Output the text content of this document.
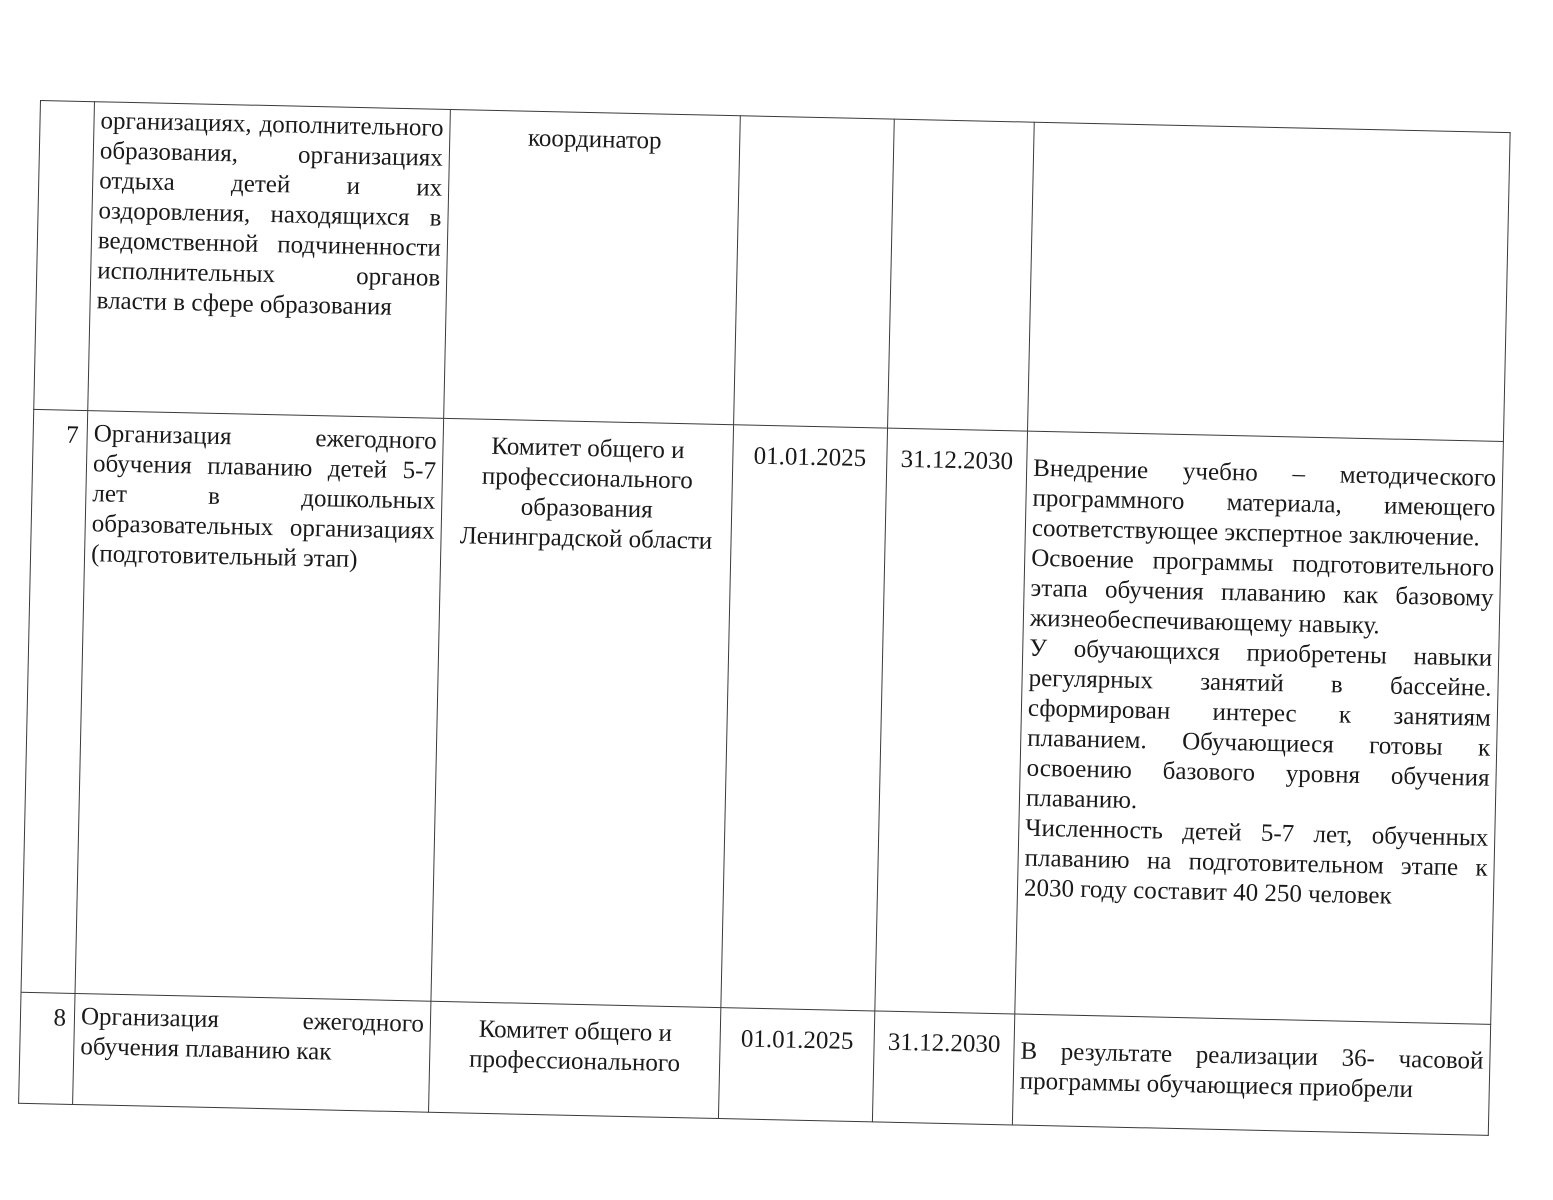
	организациях, дополнительного образования, организациях отдыха детей и их оздоровления, находящихся в ведомственной подчиненности исполнительных органов власти в сфере образования	координатор			
7	Организация ежегодного обучения плаванию детей 5-7 лет в дошкольных образовательных организациях (подготовительный этап)	Комитет общего и профессионального образования Ленинградской области	01.01.2025	31.12.2030	Внедрение учебно – методического программного материала, имеющего соответствующее экспертное заключение.
Освоение программы подготовительного этапа обучения плаванию как базовому жизнеобеспечивающему навыку.
У обучающихся приобретены навыки регулярных занятий в бассейне. сформирован интерес к занятиям плаванием. Обучающиеся готовы к освоению базового уровня обучения плаванию.
Численность детей 5-7 лет, обученных плаванию на подготовительном этапе к 2030 году составит 40 250 человек

8	Организация ежегодного обучения плаванию как	Комитет общего и профессионального	01.01.2025	31.12.2030	В результате реализации 36- часовой программы обучающиеся приобрели
